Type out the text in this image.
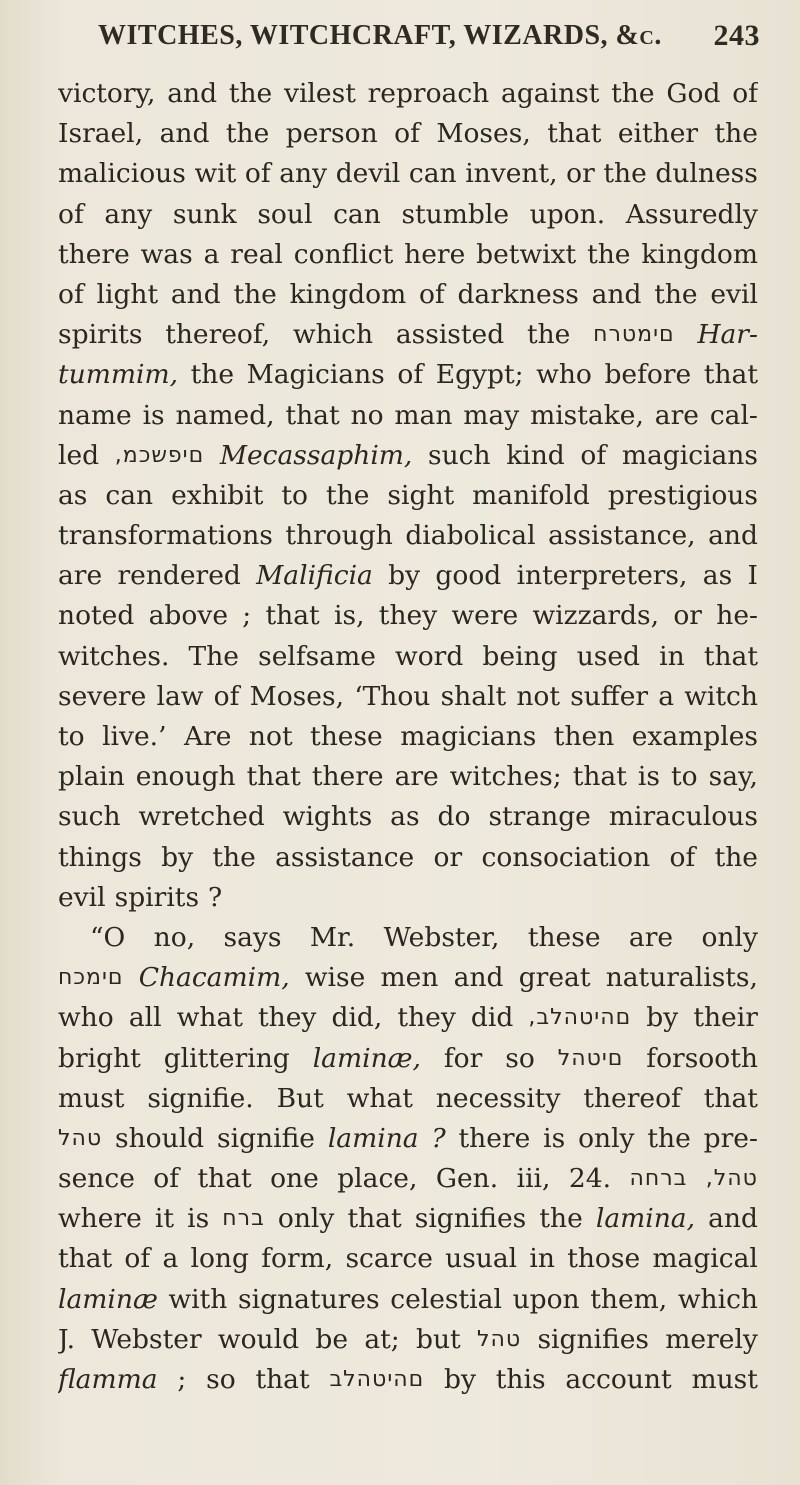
WITCHES, WITCHCRAFT, WIZARDS, &c. 243
victory, and the vilest reproach against the God of
Israel, and the person of Moses, that either the
malicious wit of any devil can invent, or the dulness
of any sunk soul can stumble upon. Assuredly
there was a real conflict here betwixt the kingdom
of light and the kingdom of darkness and the evil
spirits thereof, which assisted the םימטרח Har-
tummim, the Magicians of Egypt; who before that
name is named, that no man may mistake, are cal-
led םיפשכמ, Mecassaphim, such kind of magicians
as can exhibit to the sight manifold prestigious
transformations through diabolical assistance, and
are rendered Malificia by good interpreters, as I
noted above ; that is, they were wizzards, or he-
witches. The selfsame word being used in that
severe law of Moses, ‘Thou shalt not suffer a witch
to live.’ Are not these magicians then examples
plain enough that there are witches; that is to say,
such wretched wights as do strange miraculous
things by the assistance or consociation of the
evil spirits ?
“O no, says Mr. Webster, these are only
םימכח Chacamim, wise men and great naturalists,
who all what they did, they did םהיטהלב, by their
bright glittering laminæ, for so םיטהל forsooth
must signifie. But what necessity thereof that
טהל should signifie lamina ? there is only the pre-
sence of that one place, Gen. iii, 24. ברחה טהל,
where it is ברח only that signifies the lamina, and
that of a long form, scarce usual in those magical
laminæ with signatures celestial upon them, which
J. Webster would be at; but טהל signifies merely
flamma ; so that םהיטהלב by this account must
